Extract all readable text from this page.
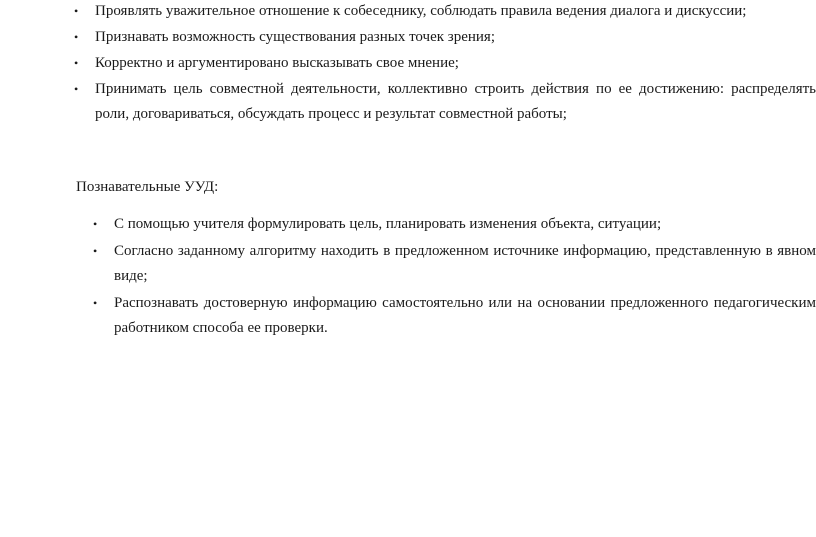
• Проявлять уважительное отношение к собеседнику, соблюдать правила ведения диалога и дискуссии;
• Признавать возможность существования разных точек зрения;
• Корректно и аргументировано высказывать свое мнение;
• Принимать цель совместной деятельности, коллективно строить действия по ее достижению: распределять роли, договариваться, обсуждать процесс и результат совместной работы;
Познавательные УУД:
• С помощью учителя формулировать цель, планировать изменения объекта, ситуации;
• Согласно заданному алгоритму находить в предложенном источнике информацию, представленную в явном виде;
• Распознавать достоверную информацию самостоятельно или на основании предложенного педагогическим работником способа ее проверки.
